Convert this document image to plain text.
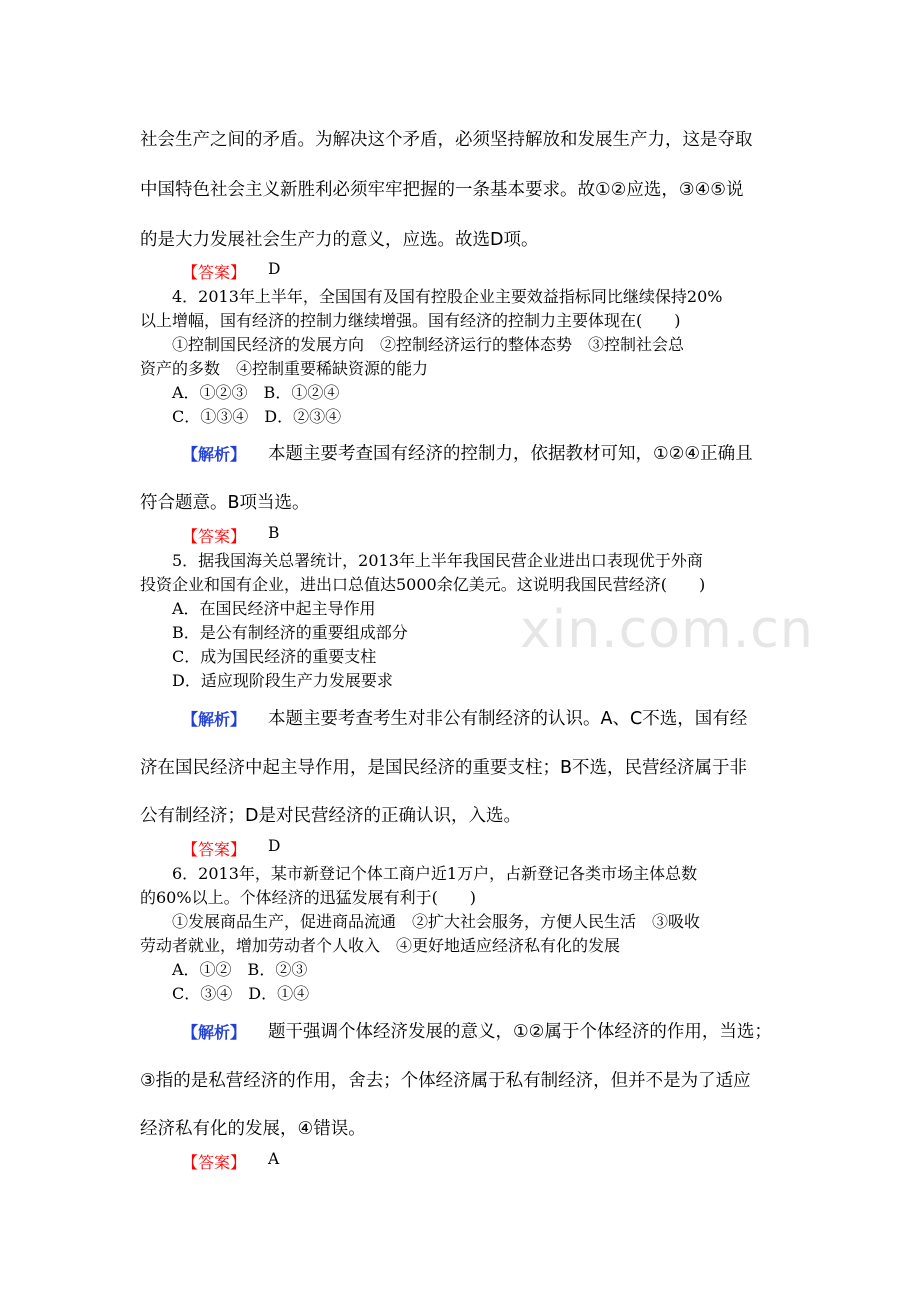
xin.com.cn
社会生产之间的矛盾。为解决这个矛盾，必须坚持解放和发展生产力，这是夺取
中国特色社会主义新胜利必须牢牢把握的一条基本要求。故①②应选，③④⑤说
的是大力发展社会生产力的意义，应选。故选D项。
【答案】 D
4．2013年上半年，全国国有及国有控股企业主要效益指标同比继续保持20%
以上增幅，国有经济的控制力继续增强。国有经济的控制力主要体现在(　　)
①控制国民经济的发展方向　②控制经济运行的整体态势　③控制社会总
资产的多数　④控制重要稀缺资源的能力
A．①②③　B．①②④
C．①③④　D．②③④
【解析】 本题主要考查国有经济的控制力，依据教材可知，①②④正确且
符合题意。B项当选。
【答案】 B
5．据我国海关总署统计，2013年上半年我国民营企业进出口表现优于外商
投资企业和国有企业，进出口总值达5000余亿美元。这说明我国民营经济(　　)
A．在国民经济中起主导作用
B．是公有制经济的重要组成部分
C．成为国民经济的重要支柱
D．适应现阶段生产力发展要求
【解析】 本题主要考查考生对非公有制经济的认识。A、C不选，国有经
济在国民经济中起主导作用，是国民经济的重要支柱；B不选，民营经济属于非
公有制经济；D是对民营经济的正确认识，入选。
【答案】 D
6．2013年，某市新登记个体工商户近1万户，占新登记各类市场主体总数
的60%以上。个体经济的迅猛发展有利于(　　)
①发展商品生产，促进商品流通　②扩大社会服务，方便人民生活　③吸收
劳动者就业，增加劳动者个人收入　④更好地适应经济私有化的发展
A．①②　B．②③
C．③④　D．①④
【解析】 题干强调个体经济发展的意义，①②属于个体经济的作用，当选；
③指的是私营经济的作用，舍去；个体经济属于私有制经济，但并不是为了适应
经济私有化的发展，④错误。
【答案】 A
